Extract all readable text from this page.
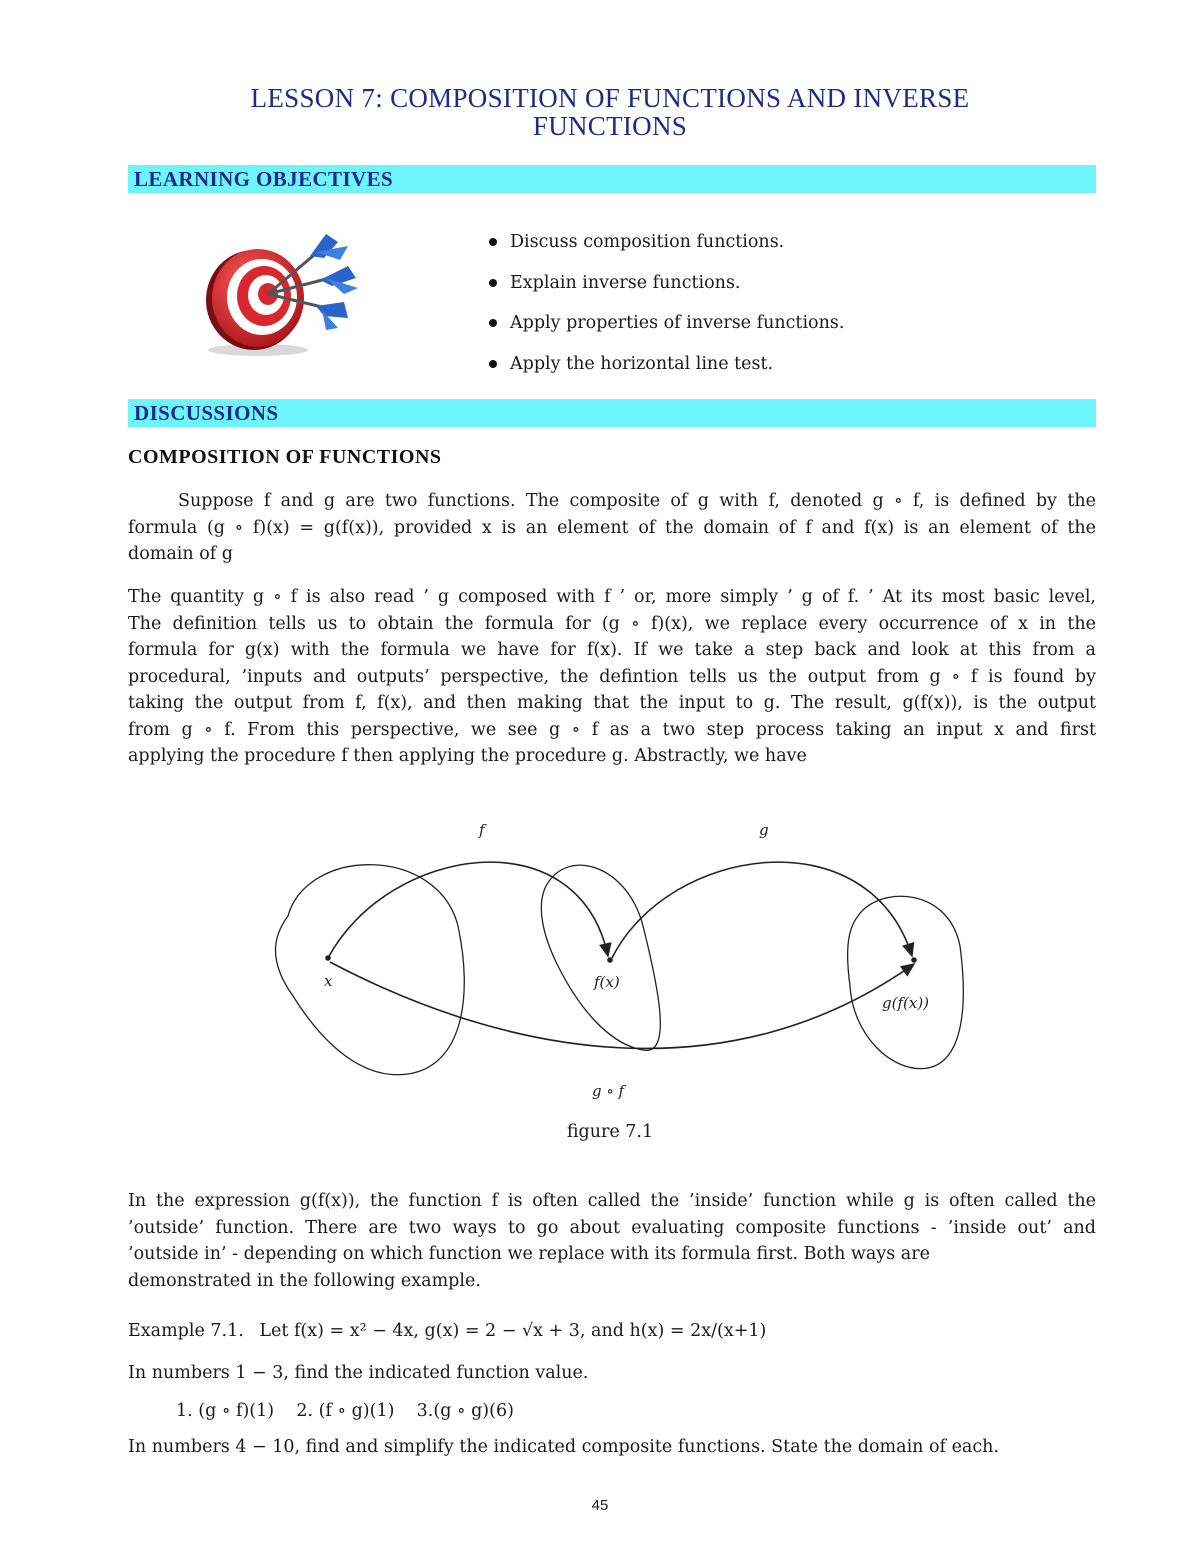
LESSON 7: COMPOSITION OF FUNCTIONS AND INVERSE
FUNCTIONS
LEARNING OBJECTIVES
Discuss composition functions.
Explain inverse functions.
Apply properties of inverse functions.
Apply the horizontal line test.
DISCUSSIONS
COMPOSITION OF FUNCTIONS
Suppose f and g are two functions. The composite of g with f, denoted g ∘ f, is defined by the
formula (g ∘ f)(x) = g(f(x)), provided x is an element of the domain of f and f(x) is an element of the
domain of g
The quantity g ∘ f is also read ’ g composed with f ’ or, more simply ’ g of f. ’ At its most basic level,
The definition tells us to obtain the formula for (g ∘ f)(x), we replace every occurrence of x in the
formula for g(x) with the formula we have for f(x). If we take a step back and look at this from a
procedural, ’inputs and outputs’ perspective, the defintion tells us the output from g ∘ f is found by
taking the output from f, f(x), and then making that the input to g. The result, g(f(x)), is the output
from g ∘ f. From this perspective, we see g ∘ f as a two step process taking an input x and first
applying the procedure f then applying the procedure g. Abstractly, we have
f	g
x	f(x)
g(f(x))
g ∘ f
figure 7.1
In the expression g(f(x)), the function f is often called the ’inside’ function while g is often called the
’outside’ function. There are two ways to go about evaluating composite functions - ’inside out’ and
’outside in’ - depending on which function we replace with its formula first. Both ways are
demonstrated in the following example.
Example 7.1. Let f(x) = x² − 4x, g(x) = 2 − √x + 3, and h(x) = 2x/(x+1)
In numbers 1 − 3, find the indicated function value.
1. (g ∘ f)(1)    2. (f ∘ g)(1)    3.(g ∘ g)(6)
In numbers 4 − 10, find and simplify the indicated composite functions. State the domain of each.
45
